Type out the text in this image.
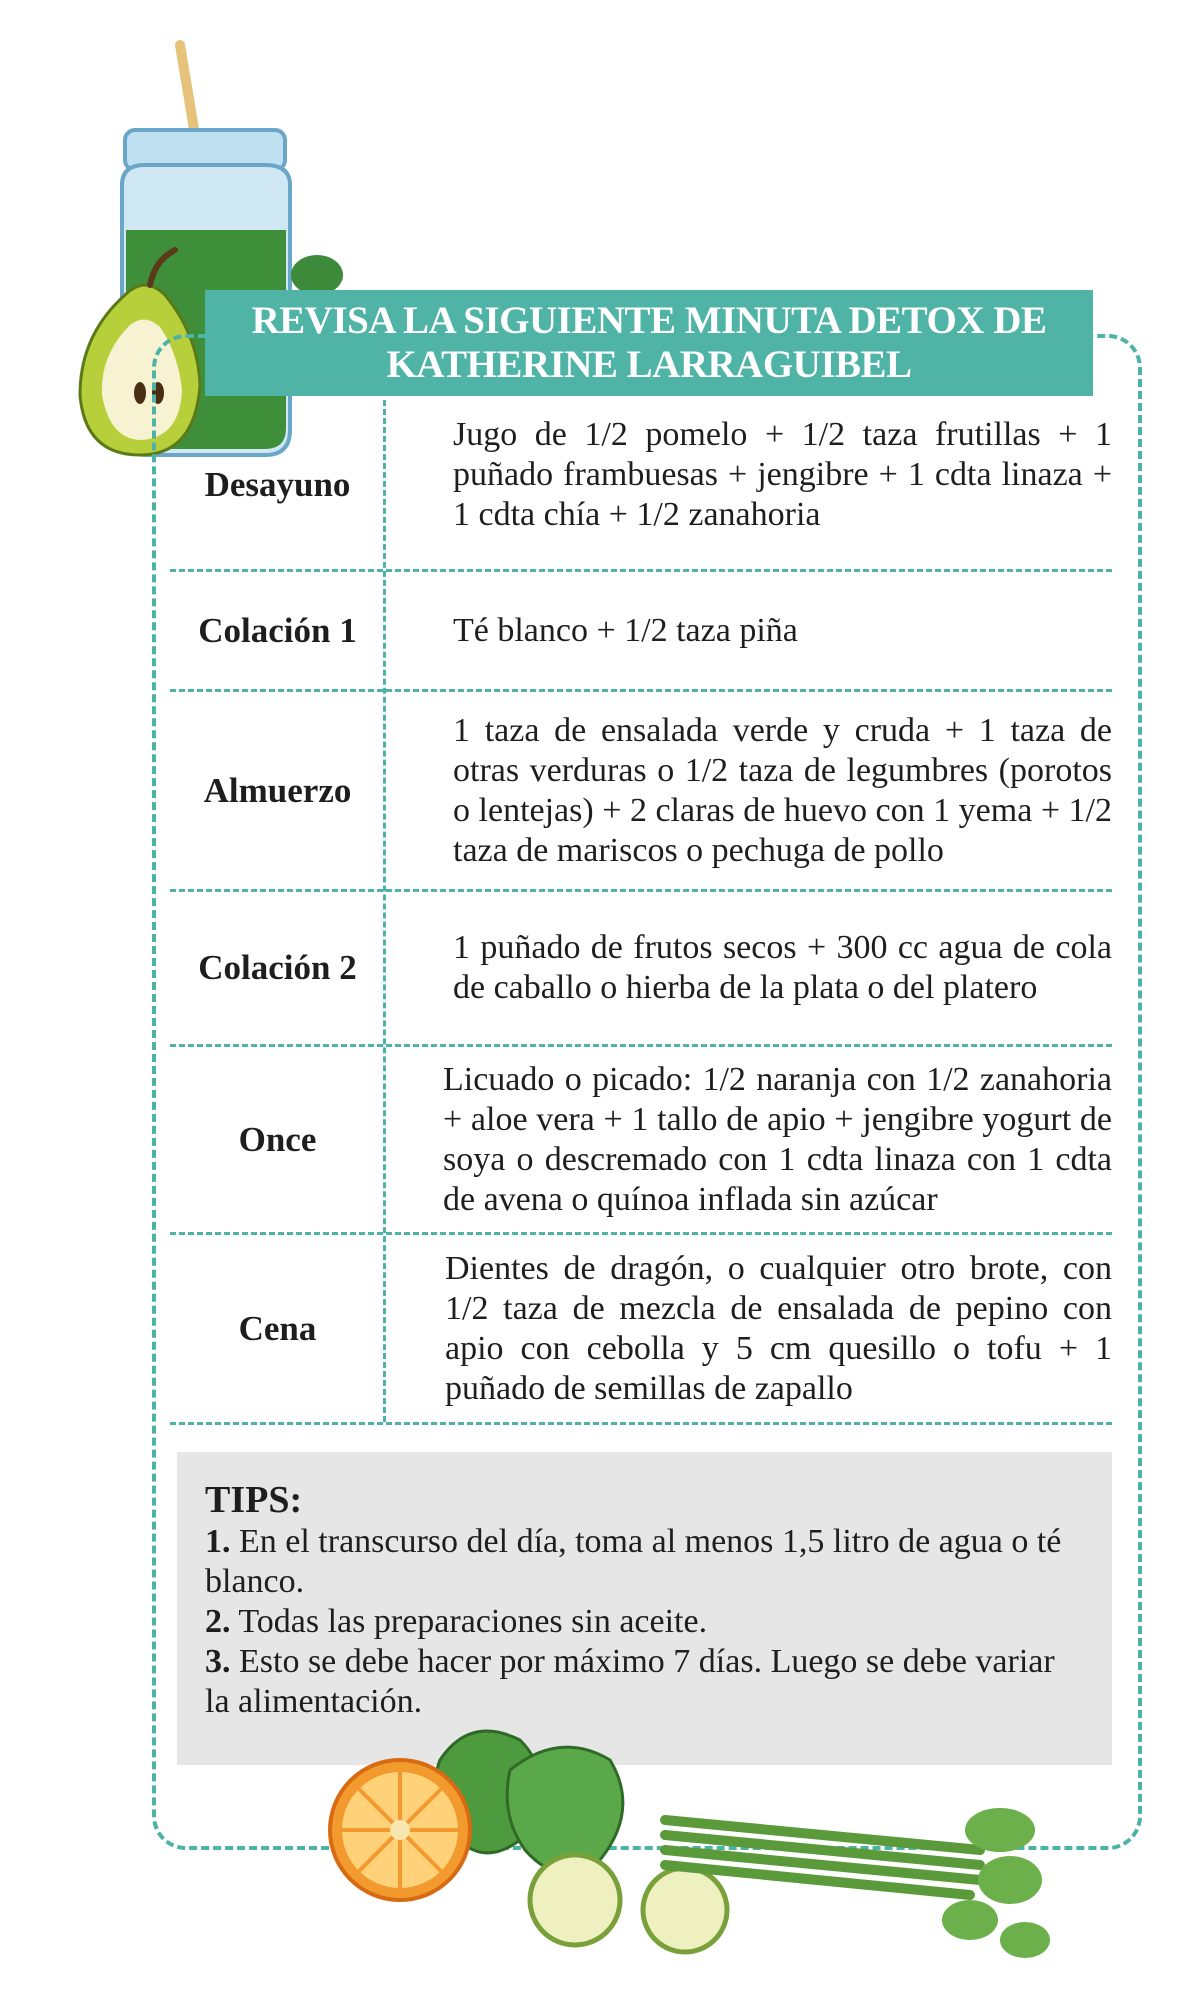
REVISA LA SIGUIENTE MINUTA DETOX DE
KATHERINE LARRAGUIBEL
Desayuno
Jugo de 1/2 pomelo + 1/2 taza frutillas + 1 puñado frambuesas + jengibre + 1 cdta linaza + 1 cdta chía + 1/2 zanahoria
Colación 1	Té blanco + 1/2 taza piña
Almuerzo
1 taza de ensalada verde y cruda + 1 taza de otras verduras o 1/2 taza de legumbres (porotos o lentejas) + 2 claras de huevo con 1 yema + 1/2 taza de mariscos o pechuga de pollo
Colación 2
1 puñado de frutos secos + 300 cc agua de cola de caballo o hierba de la plata o del platero
Once
Licuado o picado: 1/2 naranja con 1/2 zanahoria + aloe vera + 1 tallo de apio + jengibre yogurt de soya o descremado con 1 cdta linaza con 1 cdta de avena o quínoa inflada sin azúcar
Cena
Dientes de dragón, o cualquier otro brote, con 1/2 taza de mezcla de ensalada de pepino con apio con cebolla y 5 cm quesillo o tofu + 1 puñado de semillas de zapallo
TIPS:
1. En el transcurso del día, toma al menos 1,5 litro de agua o té blanco.
2. Todas las preparaciones sin aceite.
3. Esto se debe hacer por máximo 7 días. Luego se debe variar la alimentación.
